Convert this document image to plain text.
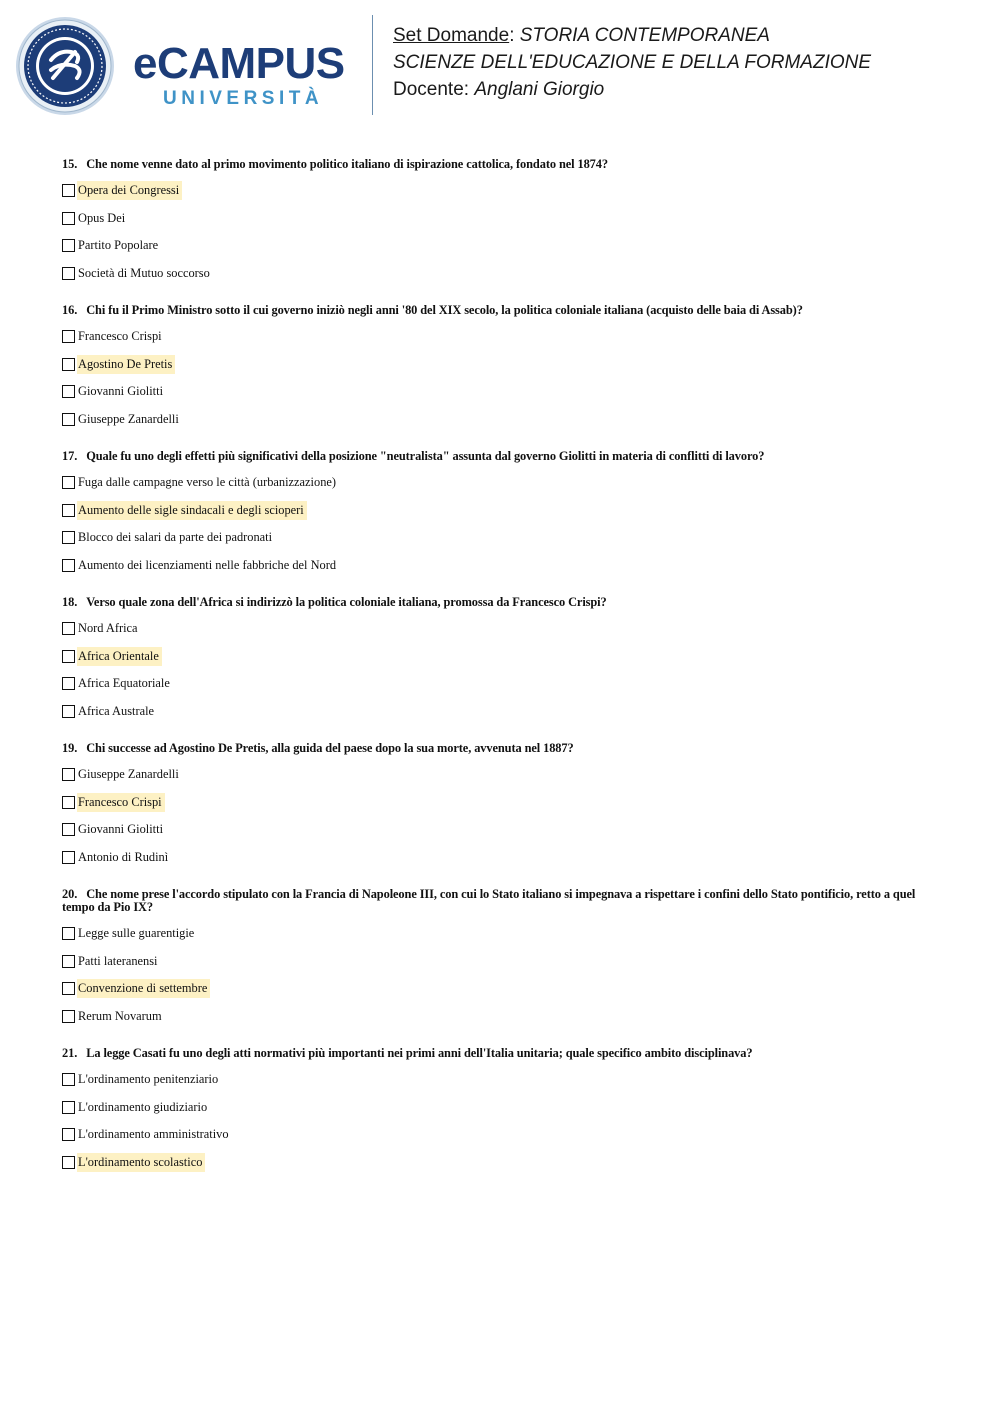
eCAMPUS
UNIVERSITÀ
Set Domande: STORIA CONTEMPORANEA
SCIENZE DELL'EDUCAZIONE E DELLA FORMAZIONE
Docente: Anglani Giorgio

15. Che nome venne dato al primo movimento politico italiano di ispirazione cattolica, fondato nel 1874?

Opera dei Congressi
Opus Dei
Partito Popolare
Società di Mutuo soccorso

16. Chi fu il Primo Ministro sotto il cui governo iniziò negli anni '80 del XIX secolo, la politica coloniale italiana (acquisto delle baia di Assab)?

Francesco Crispi
Agostino De Pretis
Giovanni Giolitti
Giuseppe Zanardelli

17. Quale fu uno degli effetti più significativi della posizione "neutralista" assunta dal governo Giolitti in materia di conflitti di lavoro?

Fuga dalle campagne verso le città (urbanizzazione)
Aumento delle sigle sindacali e degli scioperi
Blocco dei salari da parte dei padronati
Aumento dei licenziamenti nelle fabbriche del Nord

18. Verso quale zona dell'Africa si indirizzò la politica coloniale italiana, promossa da Francesco Crispi?

Nord Africa
Africa Orientale
Africa Equatoriale
Africa Australe

19. Chi successe ad Agostino De Pretis, alla guida del paese dopo la sua morte, avvenuta nel 1887?

Giuseppe Zanardelli
Francesco Crispi
Giovanni Giolitti
Antonio di Rudinì

20. Che nome prese l'accordo stipulato con la Francia di Napoleone III, con cui lo Stato italiano si impegnava a rispettare i confini dello Stato pontificio, retto a quel tempo da Pio IX?

Legge sulle guarentigie
Patti lateranensi
Convenzione di settembre
Rerum Novarum

21. La legge Casati fu uno degli atti normativi più importanti nei primi anni dell'Italia unitaria; quale specifico ambito disciplinava?

L'ordinamento penitenziario
L'ordinamento giudiziario
L'ordinamento amministrativo
L'ordinamento scolastico
